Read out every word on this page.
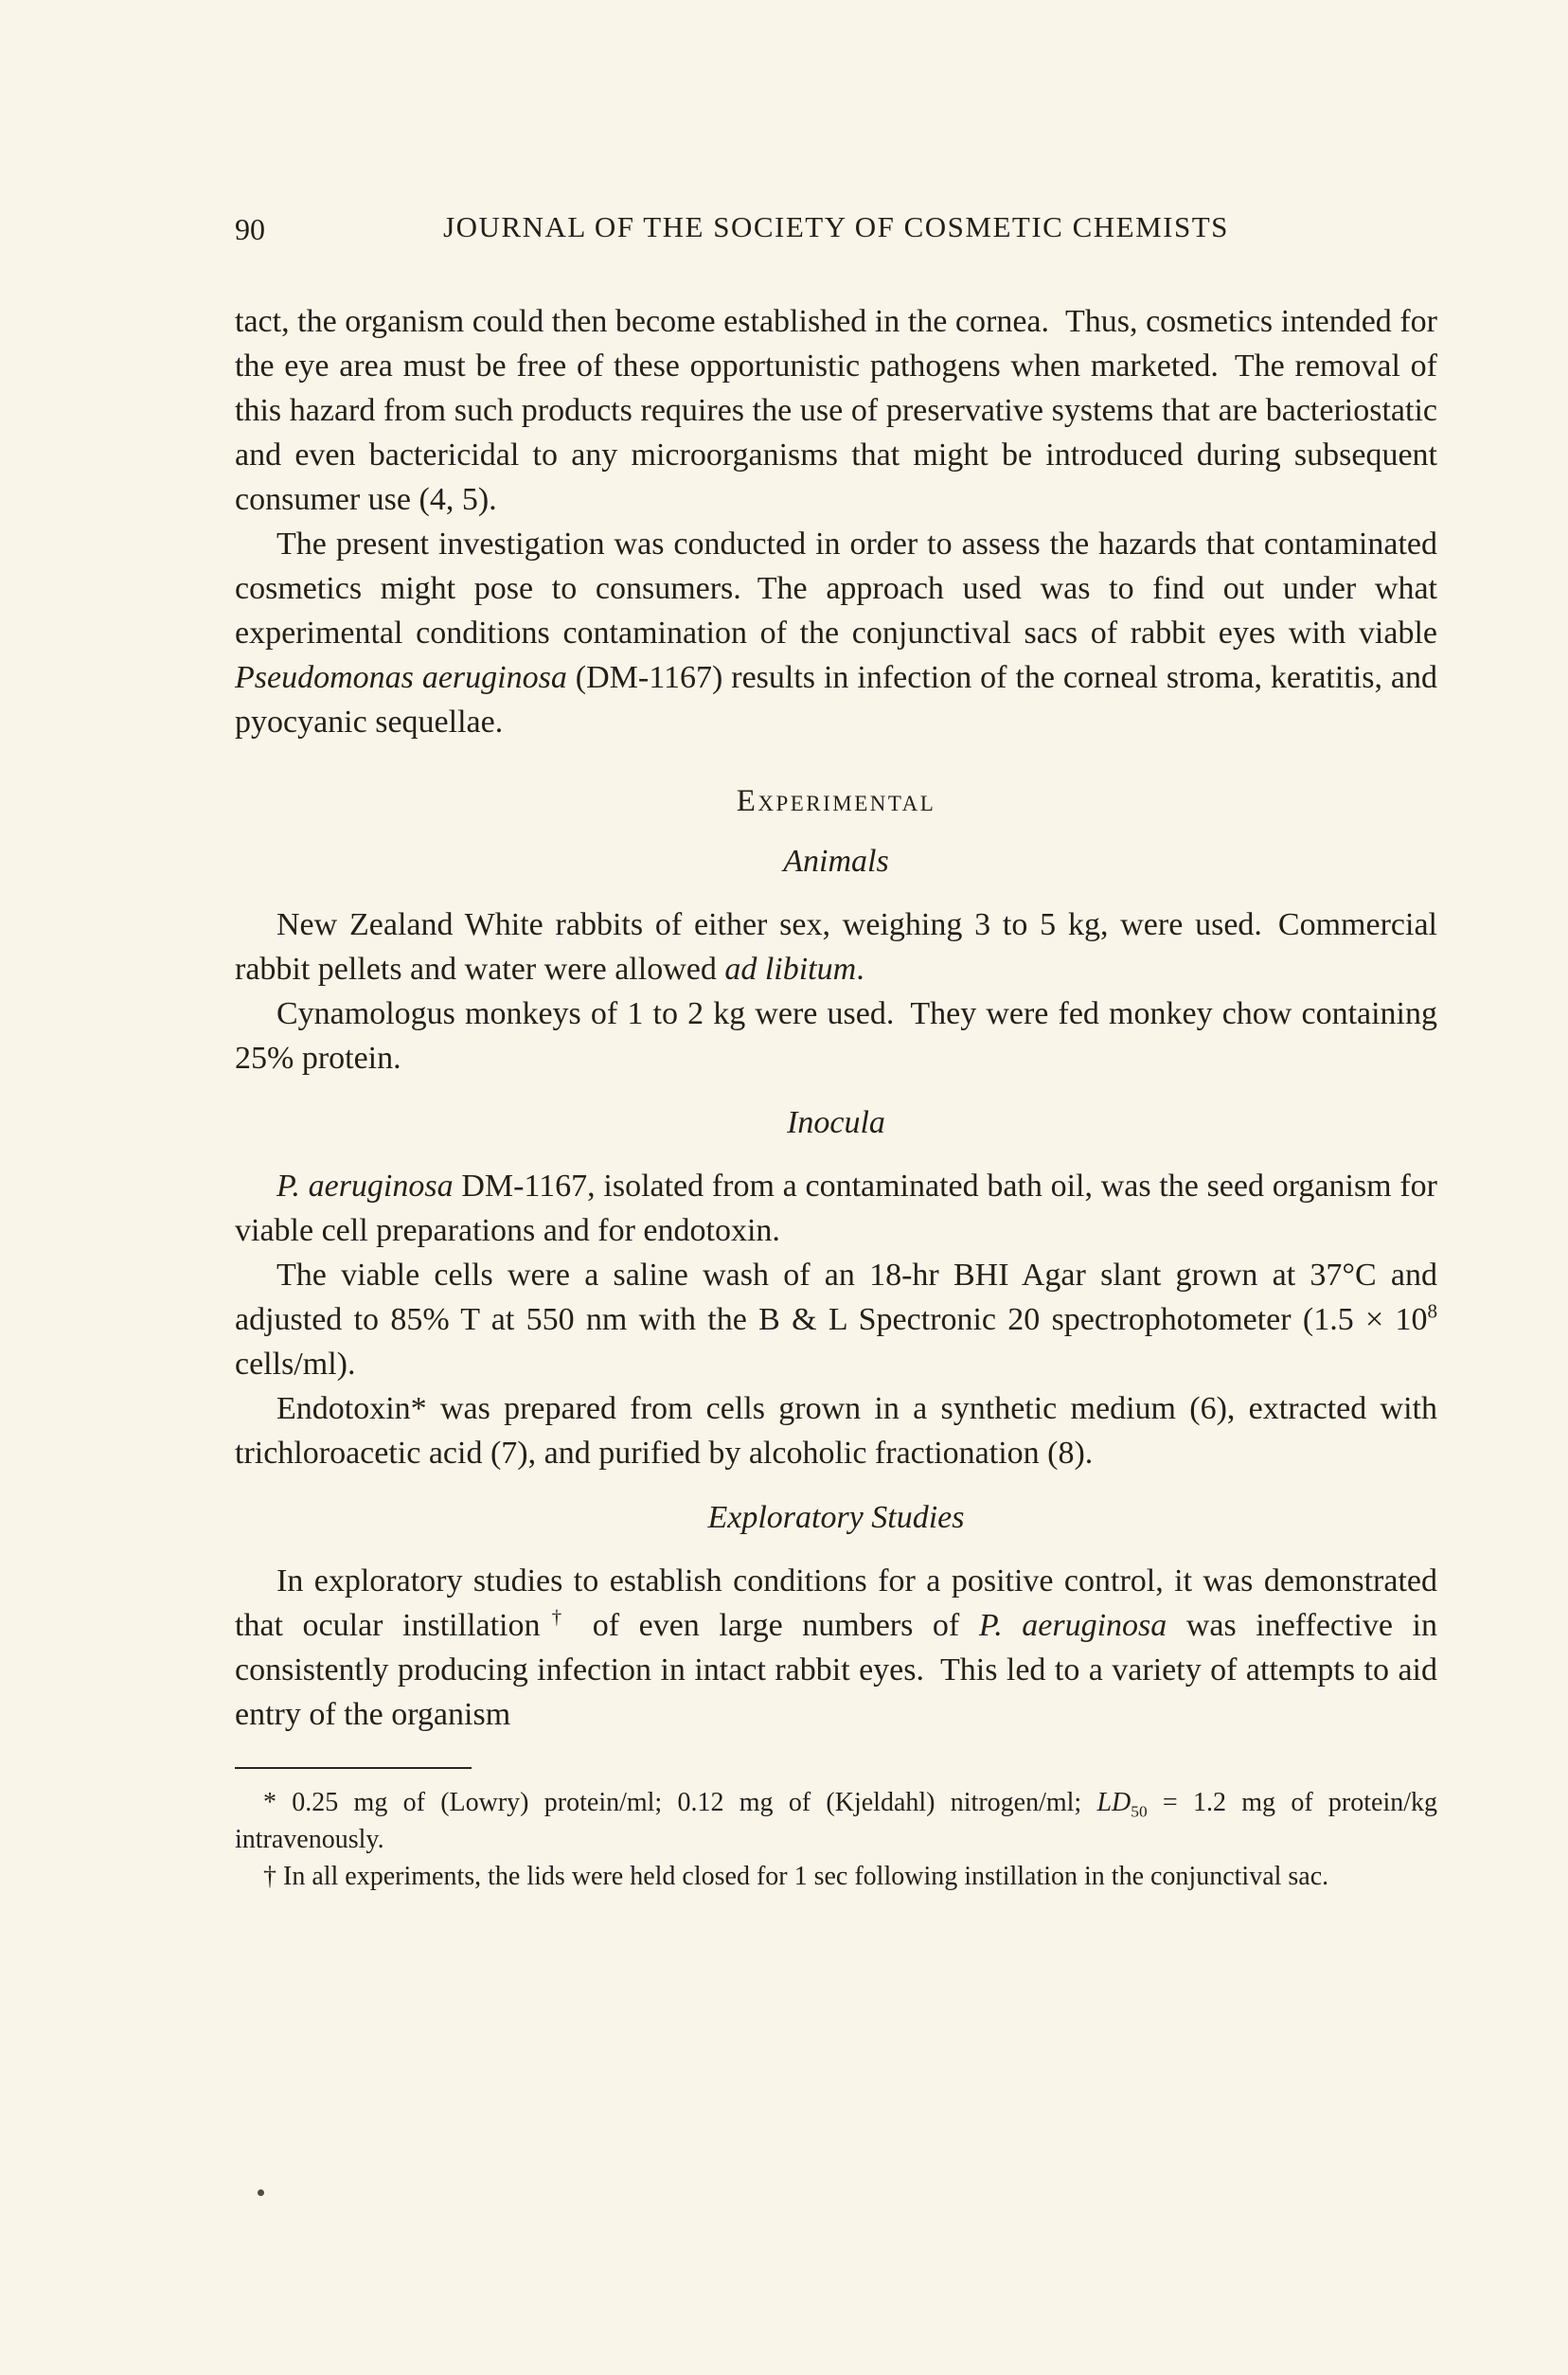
90	JOURNAL OF THE SOCIETY OF COSMETIC CHEMISTS

tact, the organism could then become established in the cornea. Thus, cosmetics intended for the eye area must be free of these opportunistic pathogens when marketed. The removal of this hazard from such products requires the use of preservative systems that are bacteriostatic and even bactericidal to any microorganisms that might be introduced during subsequent consumer use (4, 5).

The present investigation was conducted in order to assess the hazards that contaminated cosmetics might pose to consumers. The approach used was to find out under what experimental conditions contamination of the conjunctival sacs of rabbit eyes with viable Pseudomonas aeruginosa (DM-1167) results in infection of the corneal stroma, keratitis, and pyocyanic sequellae.

Experimental
Animals

New Zealand White rabbits of either sex, weighing 3 to 5 kg, were used. Commercial rabbit pellets and water were allowed ad libitum.

Cynamologus monkeys of 1 to 2 kg were used. They were fed monkey chow containing 25% protein.

Inocula

P. aeruginosa DM-1167, isolated from a contaminated bath oil, was the seed organism for viable cell preparations and for endotoxin.

The viable cells were a saline wash of an 18-hr BHI Agar slant grown at 37°C and adjusted to 85% T at 550 nm with the B & L Spectronic 20 spectrophotometer ($1.5 \times 10^8$ cells/ml).

Endotoxin* was prepared from cells grown in a synthetic medium (6), extracted with trichloroacetic acid (7), and purified by alcoholic fractionation (8).

Exploratory Studies

In exploratory studies to establish conditions for a positive control, it was demonstrated that ocular instillation† of even large numbers of P. aeruginosa was ineffective in consistently producing infection in intact rabbit eyes. This led to a variety of attempts to aid entry of the organism

* 0.25 mg of (Lowry) protein/ml; 0.12 mg of (Kjeldahl) nitrogen/ml; $LD_{50} = 1.2$ mg of protein/kg intravenously.

† In all experiments, the lids were held closed for 1 sec following instillation in the conjunctival sac.
